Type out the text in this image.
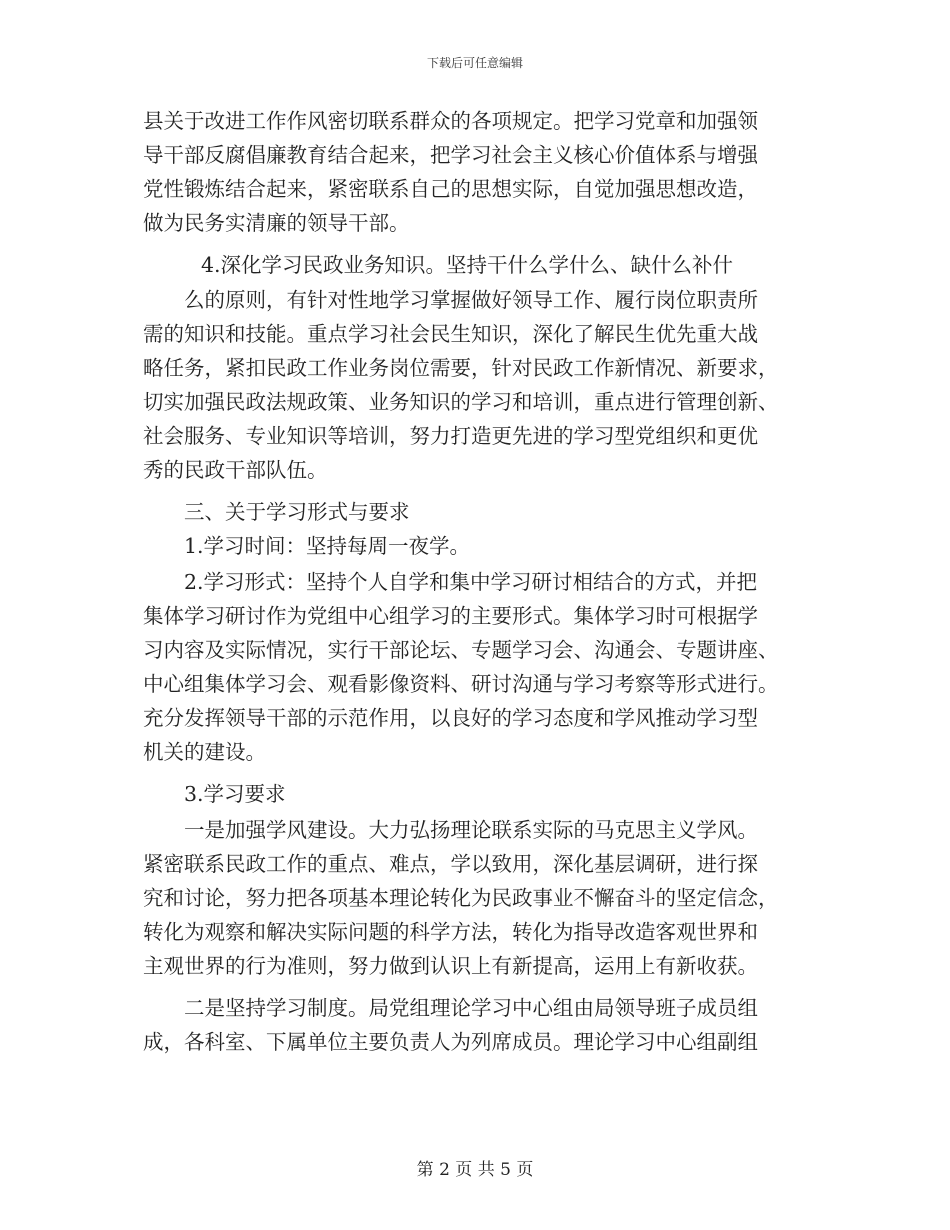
下载后可任意编辑
县关于改进工作作风密切联系群众的各项规定。把学习党章和加强领
导干部反腐倡廉教育结合起来，把学习社会主义核心价值体系与增强
党性锻炼结合起来，紧密联系自己的思想实际，自觉加强思想改造，
做为民务实清廉的领导干部。
4.深化学习民政业务知识。坚持干什么学什么、缺什么补什
么的原则，有针对性地学习掌握做好领导工作、履行岗位职责所
需的知识和技能。重点学习社会民生知识，深化了解民生优先重大战
略任务，紧扣民政工作业务岗位需要，针对民政工作新情况、新要求，
切实加强民政法规政策、业务知识的学习和培训，重点进行管理创新、
社会服务、专业知识等培训，努力打造更先进的学习型党组织和更优
秀的民政干部队伍。
三、关于学习形式与要求
1.学习时间：坚持每周一夜学。
2.学习形式：坚持个人自学和集中学习研讨相结合的方式，并把
集体学习研讨作为党组中心组学习的主要形式。集体学习时可根据学
习内容及实际情况，实行干部论坛、专题学习会、沟通会、专题讲座、
中心组集体学习会、观看影像资料、研讨沟通与学习考察等形式进行。
充分发挥领导干部的示范作用，以良好的学习态度和学风推动学习型
机关的建设。
3.学习要求
一是加强学风建设。大力弘扬理论联系实际的马克思主义学风。
紧密联系民政工作的重点、难点，学以致用，深化基层调研，进行探
究和讨论，努力把各项基本理论转化为民政事业不懈奋斗的坚定信念，
转化为观察和解决实际问题的科学方法，转化为指导改造客观世界和
主观世界的行为准则，努力做到认识上有新提高，运用上有新收获。
二是坚持学习制度。局党组理论学习中心组由局领导班子成员组
成，各科室、下属单位主要负责人为列席成员。理论学习中心组副组
第 2 页 共 5 页
